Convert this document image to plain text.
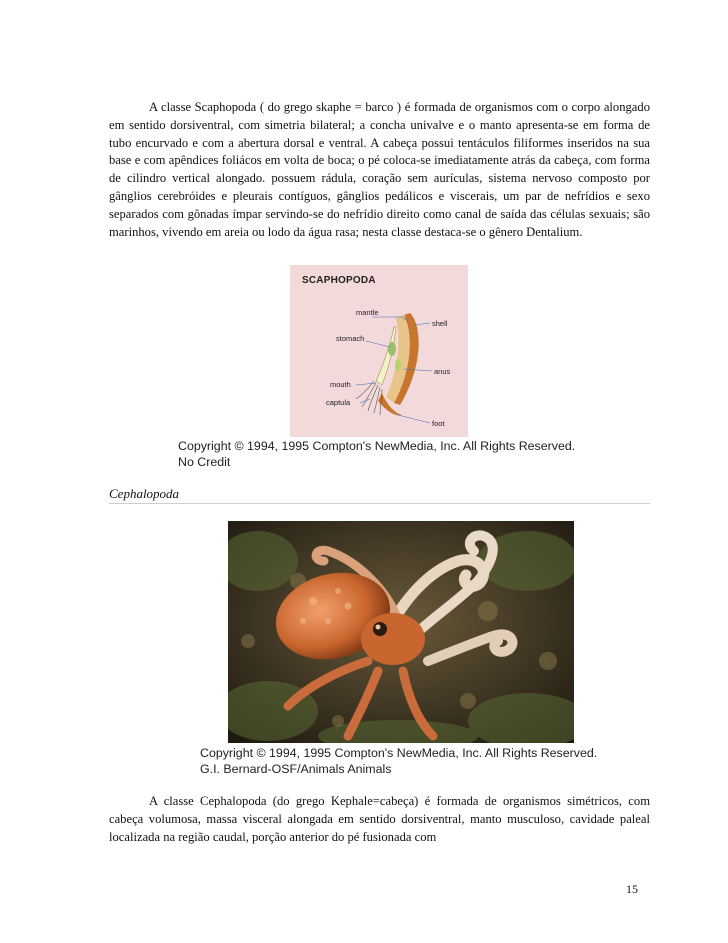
A classe Scaphopoda ( do grego skaphe = barco ) é formada de organismos com o corpo alongado em sentido dorsiventral, com simetria bilateral; a concha univalve e o manto apresenta-se em forma de tubo encurvado e com a abertura dorsal e ventral. A cabeça possui tentáculos filiformes inseridos na sua base e com apêndices foliácos em volta de boca; o pé coloca-se imediatamente atrás da cabeça, com forma de cilindro vertical alongado. possuem rádula, coração sem aurículas, sistema nervoso composto por gânglios cerebróides e pleurais contíguos, gânglios pedálicos e viscerais, um par de nefrídios e sexo separados com gônadas ímpar servindo-se do nefrídio direito como canal de saída das células sexuais; são marinhos, vivendo em areia ou lodo da água rasa; nesta classe destaca-se o gênero Dentalium.

SCAPHOPODA
mantle
shell
stomach
anus
mouth
captula
foot
Copyright © 1994, 1995 Compton's NewMedia, Inc. All Rights Reserved.
No Credit
Cephalopoda
Copyright © 1994, 1995 Compton's NewMedia, Inc. All Rights Reserved.
G.I. Bernard-OSF/Animals Animals

A classe Cephalopoda (do grego Kephale=cabeça) é formada de organismos simétricos, com cabeça volumosa, massa visceral alongada em sentido dorsiventral, manto musculoso, cavidade paleal localizada na região caudal, porção anterior do pé fusionada com

15
